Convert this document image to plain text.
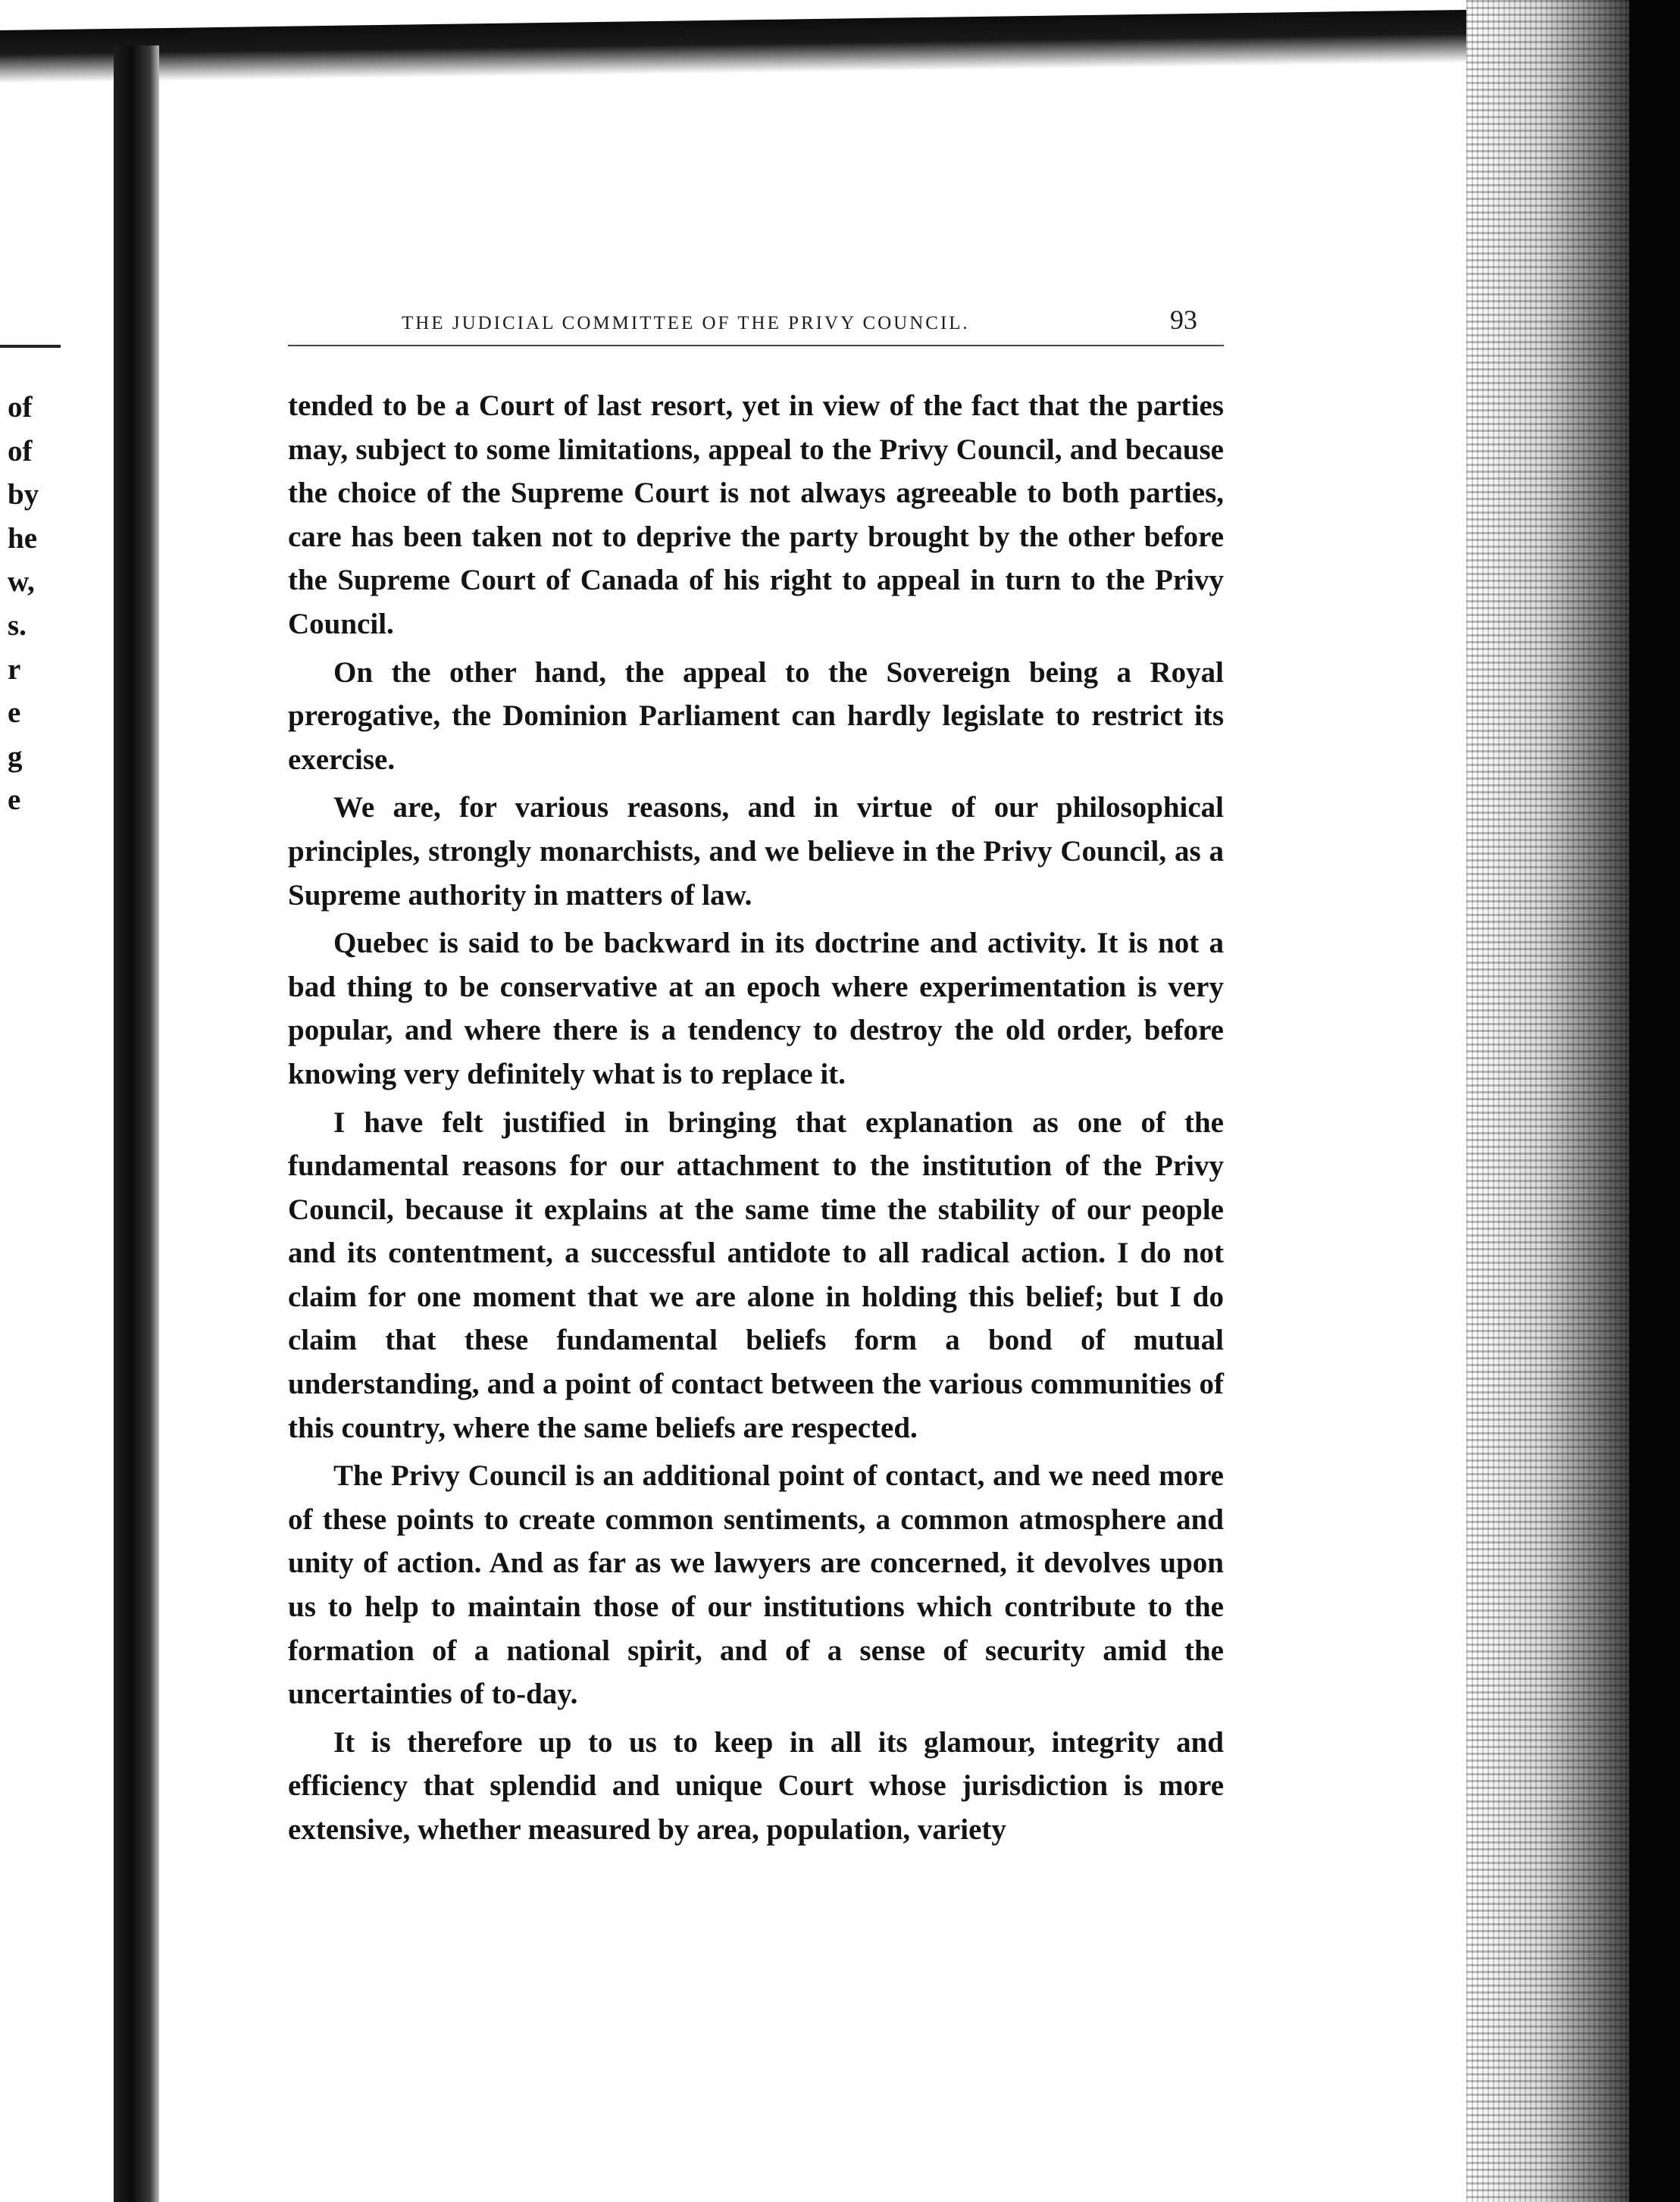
of
of
by
he
w,
s.
r
e
g
e
THE JUDICIAL COMMITTEE OF THE PRIVY COUNCIL.	93

tended to be a Court of last resort, yet in view of the fact that the parties may, subject to some limitations, appeal to the Privy Council, and because the choice of the Supreme Court is not always agreeable to both parties, care has been taken not to deprive the party brought by the other before the Supreme Court of Canada of his right to appeal in turn to the Privy Council.

On the other hand, the appeal to the Sovereign being a Royal prerogative, the Dominion Parliament can hardly legislate to restrict its exercise.

We are, for various reasons, and in virtue of our philosophical principles, strongly monarchists, and we believe in the Privy Council, as a Supreme authority in matters of law.

Quebec is said to be backward in its doctrine and activity. It is not a bad thing to be conservative at an epoch where experimentation is very popular, and where there is a tendency to destroy the old order, before knowing very definitely what is to replace it.

I have felt justified in bringing that explanation as one of the fundamental reasons for our attachment to the institution of the Privy Council, because it explains at the same time the stability of our people and its contentment, a successful antidote to all radical action. I do not claim for one moment that we are alone in holding this belief; but I do claim that these fundamental beliefs form a bond of mutual understanding, and a point of contact between the various communities of this country, where the same beliefs are respected.

The Privy Council is an additional point of contact, and we need more of these points to create common sentiments, a common atmosphere and unity of action. And as far as we lawyers are concerned, it devolves upon us to help to maintain those of our institutions which contribute to the formation of a national spirit, and of a sense of security amid the uncertainties of to-day.

It is therefore up to us to keep in all its glamour, integrity and efficiency that splendid and unique Court whose jurisdiction is more extensive, whether measured by area, population, variety
